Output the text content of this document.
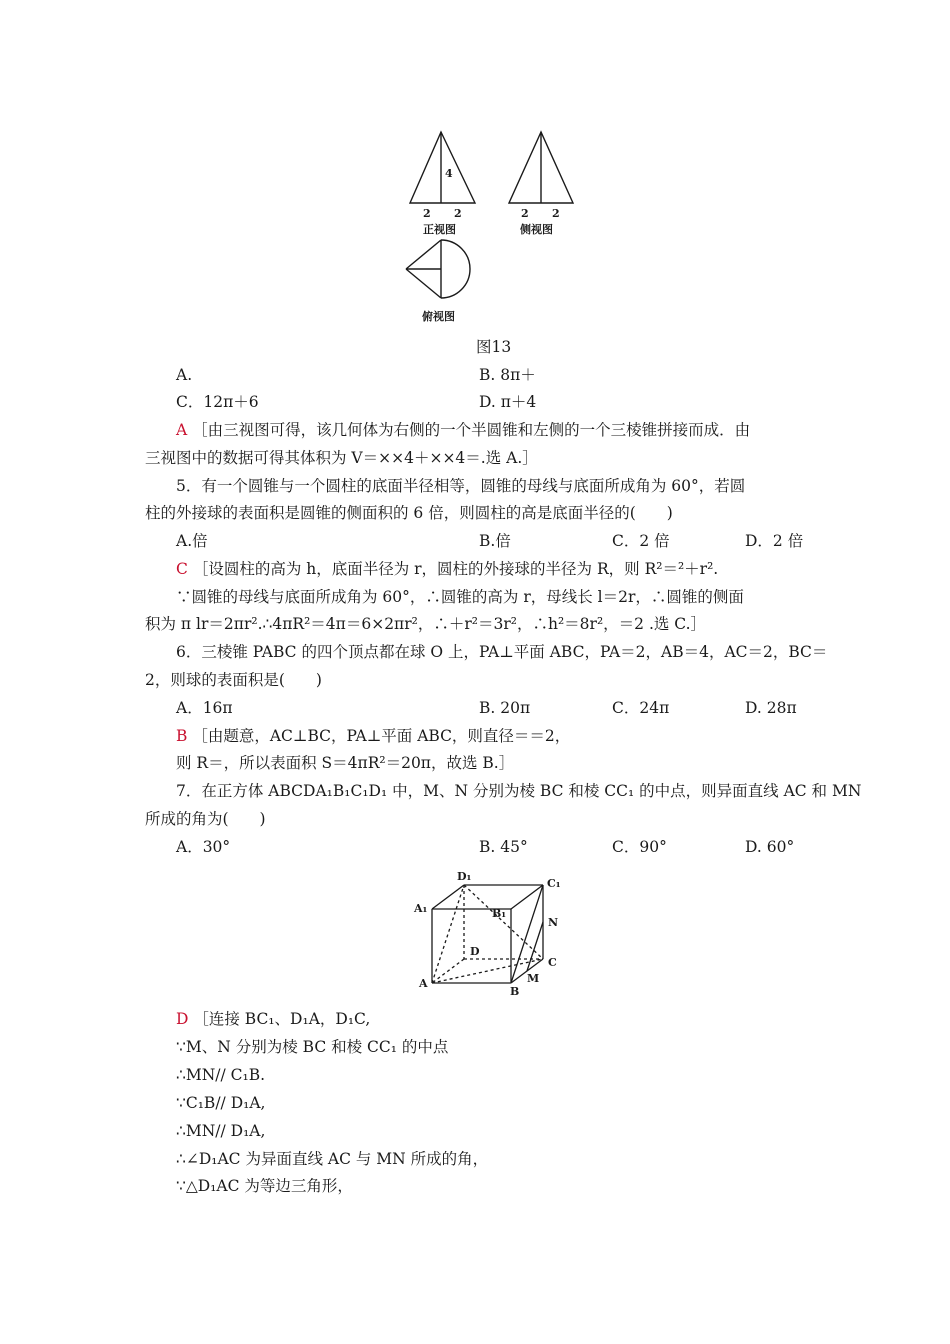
4
2 2
正视图
2 2
侧视图
俯视图
图13
A.	B. 8π＋
C．12π＋6	D. π＋4
A ［由三视图可得，该几何体为右侧的一个半圆锥和左侧的一个三棱锥拼接而成．由
三视图中的数据可得其体积为 V＝××4＋××4＝.选 A.］
5．有一个圆锥与一个圆柱的底面半径相等，圆锥的母线与底面所成角为 60°，若圆
柱的外接球的表面积是圆锥的侧面积的 6 倍，则圆柱的高是底面半径的(　　)
A.倍	B.倍	C．2 倍	D．2 倍
C ［设圆柱的高为 h，底面半径为 r，圆柱的外接球的半径为 R，则 R²＝²＋r².
∵圆锥的母线与底面所成角为 60°，∴圆锥的高为 r，母线长 l＝2r，∴圆锥的侧面
积为 π lr＝2πr².∴4πR²＝4π＝6×2πr²，∴＋r²＝3r²，∴h²＝8r²，＝2 .选 C.］
6．三棱锥 PABC 的四个顶点都在球 O 上，PA⊥平面 ABC，PA＝2，AB＝4，AC＝2，BC＝
2，则球的表面积是(　　)
A．16π	B. 20π	C．24π	D. 28π
B ［由题意，AC⊥BC，PA⊥平面 ABC，则直径＝＝2，
则 R＝，所以表面积 S＝4πR²＝20π，故选 B.］
7．在正方体 ABCDA₁B₁C₁D₁ 中，M、N 分别为棱 BC 和棱 CC₁ 的中点，则异面直线 AC 和 MN
所成的角为(　　)
A．30°	B. 45°	C．90°	D. 60°
D₁
C₁
A₁	B₁
N
D
C
M
A
B
D ［连接 BC₁、D₁A，D₁C,
∵M、N 分别为棱 BC 和棱 CC₁ 的中点
∴MN// C₁B.
∵C₁B// D₁A,
∴MN// D₁A,
∴∠D₁AC 为异面直线 AC 与 MN 所成的角，
∵△D₁AC 为等边三角形，
